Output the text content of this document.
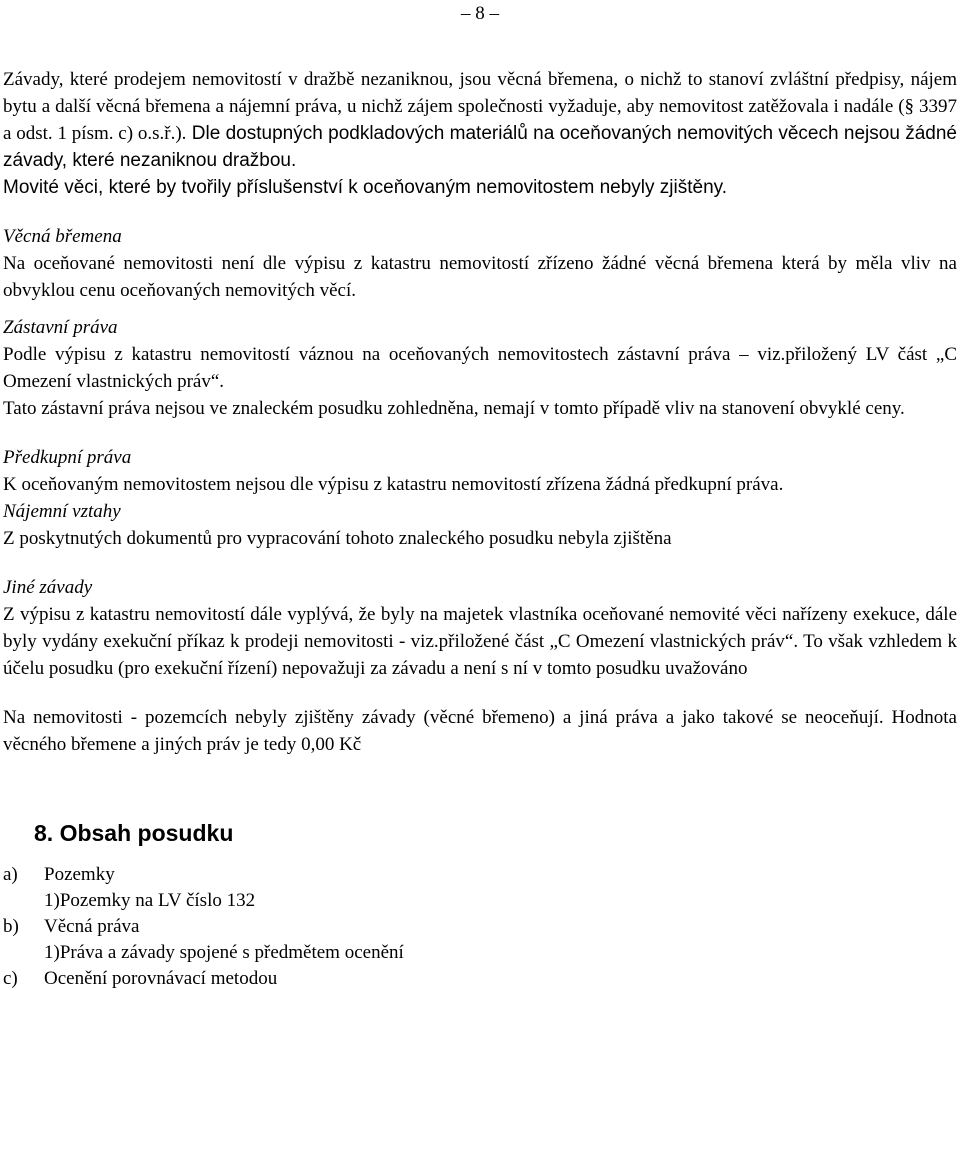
– 8 –

Závady, které prodejem nemovitostí v dražbě nezaniknou, jsou věcná břemena, o nichž to stanoví zvláštní předpisy, nájem bytu a další věcná břemena a nájemní práva, u nichž zájem společnosti vyžaduje, aby nemovitost zatěžovala i nadále (§ 3397 a odst. 1 písm. c) o.s.ř.). Dle dostupných podkladových materiálů na oceňovaných nemovitých věcech nejsou žádné závady, které nezaniknou dražbou.

Movité věci, které by tvořily příslušenství k oceňovaným nemovitostem nebyly zjištěny.

Věcná břemena

Na oceňované nemovitosti není dle výpisu z katastru nemovitostí zřízeno žádné věcná břemena která by měla vliv na obvyklou cenu oceňovaných nemovitých věcí.

Zástavní práva

Podle výpisu z katastru nemovitostí váznou na oceňovaných nemovitostech zástavní práva – viz.přiložený LV část „C Omezení vlastnických práv“.

Tato zástavní práva nejsou ve znaleckém posudku zohledněna, nemají v tomto případě vliv na stanovení obvyklé ceny.

Předkupní práva

K oceňovaným nemovitostem nejsou dle výpisu z katastru nemovitostí zřízena žádná předkupní práva.

Nájemní vztahy

Z poskytnutých dokumentů pro vypracování tohoto znaleckého posudku nebyla zjištěna

Jiné závady

Z výpisu z katastru nemovitostí dále vyplývá, že byly na majetek vlastníka oceňované nemovité věci nařízeny exekuce, dále byly vydány exekuční příkaz k prodeji nemovitosti - viz.přiložené část „C Omezení vlastnických práv“. To však vzhledem k účelu posudku (pro exekuční řízení) nepovažuji za závadu a není s ní v tomto posudku uvažováno

Na nemovitosti - pozemcích nebyly zjištěny závady (věcné břemeno) a jiná práva a jako takové se neoceňují. Hodnota věcného břemene a jiných práv je tedy 0,00 Kč

8. Obsah posudku
a)	Pozemky
1)Pozemky na LV číslo 132
b)	Věcná práva
1)Práva a závady spojené s předmětem ocenění
c)	Ocenění porovnávací metodou
